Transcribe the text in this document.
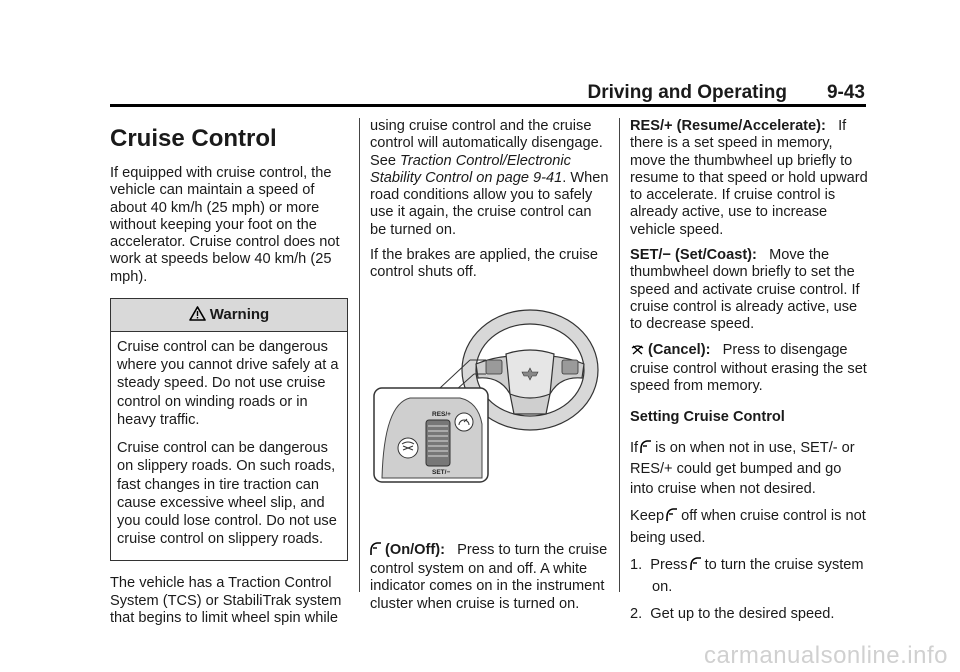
Driving and Operating 9-43
Cruise Control

If equipped with cruise control, the vehicle can maintain a speed of about 40 km/h (25 mph) or more without keeping your foot on the accelerator. Cruise control does not work at speeds below 40 km/h (25 mph).

Warning

Cruise control can be dangerous where you cannot drive safely at a steady speed. Do not use cruise control on winding roads or in heavy traffic.

Cruise control can be dangerous on slippery roads. On such roads, fast changes in tire traction can cause excessive wheel slip, and you could lose control. Do not use cruise control on slippery roads.

The vehicle has a Traction Control System (TCS) or StabiliTrak system that begins to limit wheel spin while

using cruise control and the cruise control will automatically disengage. See Traction Control/Electronic Stability Control on page 9-41. When road conditions allow you to safely use it again, the cruise control can be turned on.

If the brakes are applied, the cruise control shuts off.

RES/+
SET/−

(On/Off): Press to turn the cruise control system on and off. A white indicator comes on in the instrument cluster when cruise is turned on.

RES/+ (Resume/Accelerate): If there is a set speed in memory, move the thumbwheel up briefly to resume to that speed or hold upward to accelerate. If cruise control is already active, use to increase vehicle speed.

SET/− (Set/Coast): Move the thumbwheel down briefly to set the speed and activate cruise control. If cruise control is already active, use to decrease speed.

(Cancel): Press to disengage cruise control without erasing the set speed from memory.

Setting Cruise Control

If is on when not in use, SET/- or RES/+ could get bumped and go into cruise when not desired.

Keep off when cruise control is not being used.

1. Press to turn the cruise system on.

2. Get up to the desired speed.

carmanualsonline.info
